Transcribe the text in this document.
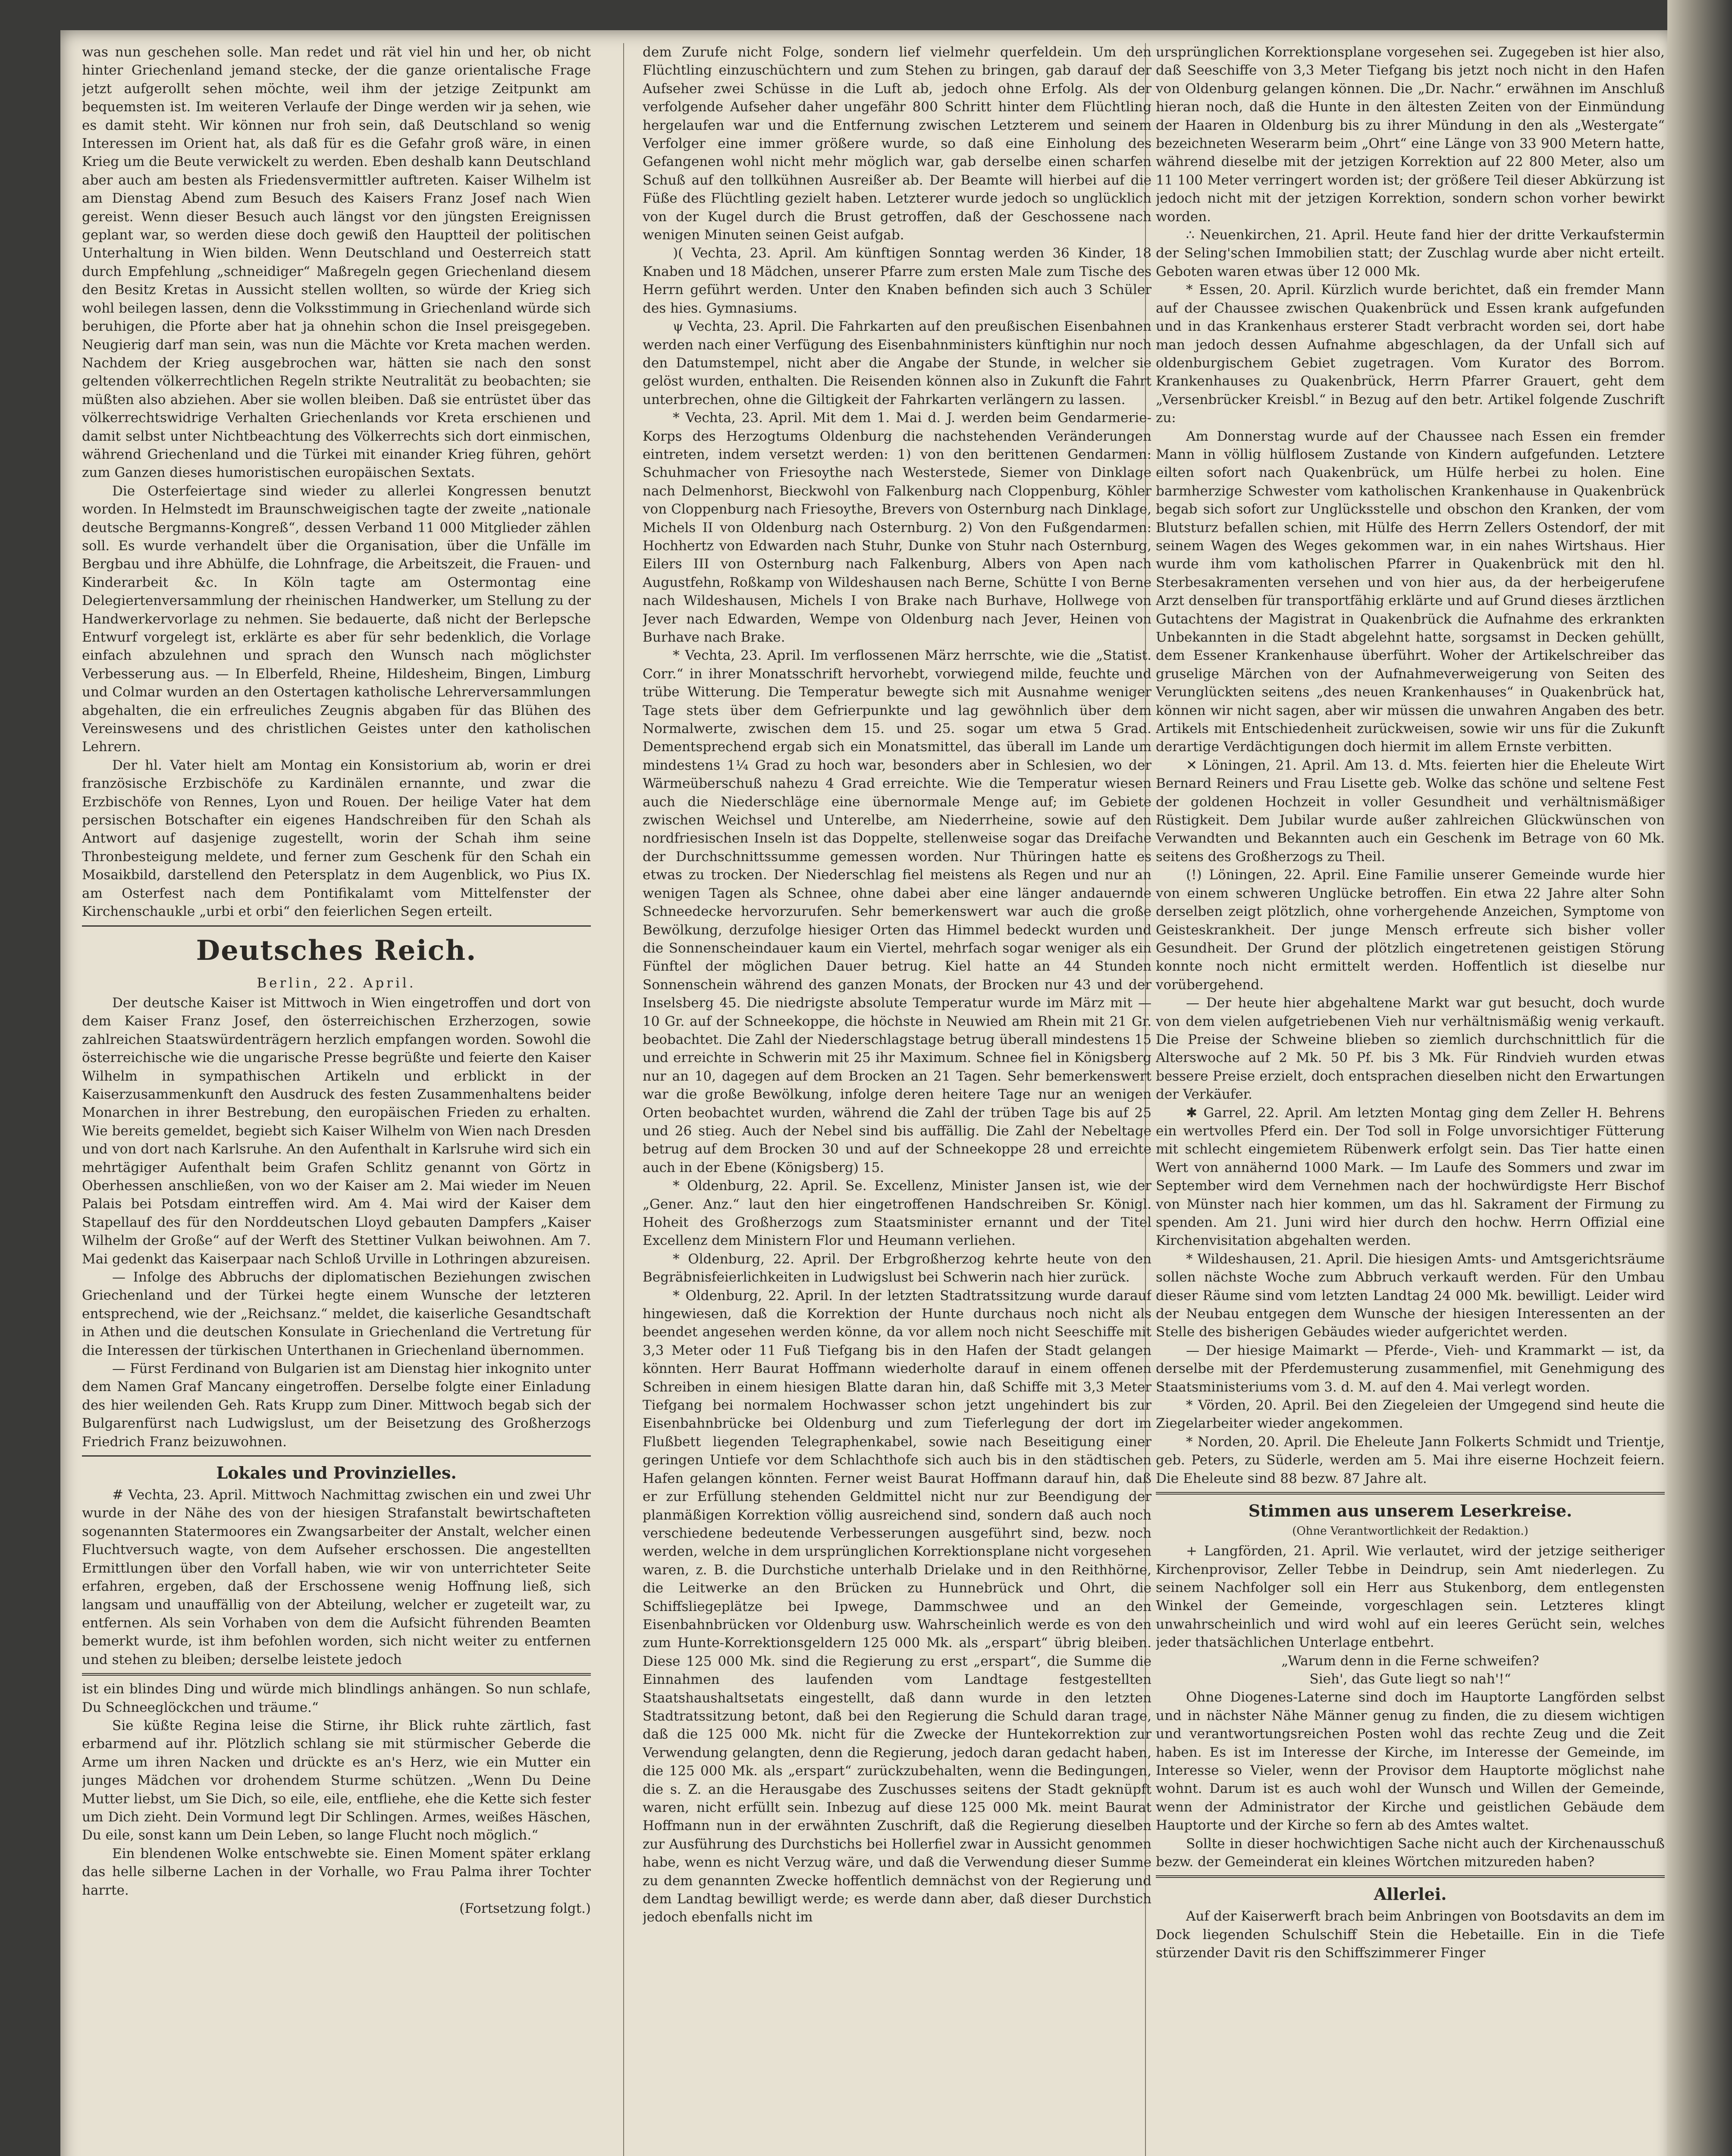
was nun geschehen solle. Man redet und rät viel hin und her, ob nicht hinter Griechenland jemand stecke, der die ganze orientalische Frage jetzt aufgerollt sehen möchte, weil ihm der jetzige Zeitpunkt am bequemsten ist. Im weiteren Verlaufe der Dinge werden wir ja sehen, wie es damit steht. Wir können nur froh sein, daß Deutschland so wenig Interessen im Orient hat, als daß für es die Gefahr groß wäre, in einen Krieg um die Beute verwickelt zu werden. Eben deshalb kann Deutschland aber auch am besten als Friedensvermittler auftreten. Kaiser Wilhelm ist am Dienstag Abend zum Besuch des Kaisers Franz Josef nach Wien gereist. Wenn dieser Besuch auch längst vor den jüngsten Ereignissen geplant war, so werden diese doch gewiß den Hauptteil der politischen Unterhaltung in Wien bilden. Wenn Deutschland und Oesterreich statt durch Empfehlung „schneidiger“ Maßregeln gegen Griechenland diesem den Besitz Kretas in Aussicht stellen wollten, so würde der Krieg sich wohl beilegen lassen, denn die Volksstimmung in Griechenland würde sich beruhigen, die Pforte aber hat ja ohnehin schon die Insel preisgegeben. Neugierig darf man sein, was nun die Mächte vor Kreta machen werden. Nachdem der Krieg ausgebrochen war, hätten sie nach den sonst geltenden völkerrechtlichen Regeln strikte Neutralität zu beobachten; sie müßten also abziehen. Aber sie wollen bleiben. Daß sie entrüstet über das völkerrechtswidrige Verhalten Griechenlands vor Kreta erschienen und damit selbst unter Nichtbeachtung des Völkerrechts sich dort einmischen, während Griechenland und die Türkei mit einander Krieg führen, gehört zum Ganzen dieses humoristischen europäischen Sextats.

Die Osterfeiertage sind wieder zu allerlei Kongressen benutzt worden. In Helmstedt im Braunschweigischen tagte der zweite „nationale deutsche Bergmanns-Kongreß“, dessen Verband 11 000 Mitglieder zählen soll. Es wurde verhandelt über die Organisation, über die Unfälle im Bergbau und ihre Abhülfe, die Lohnfrage, die Arbeitszeit, die Frauen- und Kinderarbeit &c. In Köln tagte am Ostermontag eine Delegiertenversammlung der rheinischen Handwerker, um Stellung zu der Handwerkervorlage zu nehmen. Sie bedauerte, daß nicht der Berlepsche Entwurf vorgelegt ist, erklärte es aber für sehr bedenklich, die Vorlage einfach abzulehnen und sprach den Wunsch nach möglichster Verbesserung aus. — In Elberfeld, Rheine, Hildesheim, Bingen, Limburg und Colmar wurden an den Ostertagen katholische Lehrerversammlungen abgehalten, die ein erfreuliches Zeugnis abgaben für das Blühen des Vereinswesens und des christlichen Geistes unter den katholischen Lehrern.

Der hl. Vater hielt am Montag ein Konsistorium ab, worin er drei französische Erzbischöfe zu Kardinälen ernannte, und zwar die Erzbischöfe von Rennes, Lyon und Rouen. Der heilige Vater hat dem persischen Botschafter ein eigenes Handschreiben für den Schah als Antwort auf dasjenige zugestellt, worin der Schah ihm seine Thronbesteigung meldete, und ferner zum Geschenk für den Schah ein Mosaikbild, darstellend den Petersplatz in dem Augenblick, wo Pius IX. am Osterfest nach dem Pontifikalamt vom Mittelfenster der Kirchenschaukle „urbi et orbi“ den feierlichen Segen erteilt.

Deutsches Reich.
Berlin, 22. April.

Der deutsche Kaiser ist Mittwoch in Wien eingetroffen und dort von dem Kaiser Franz Josef, den österreichischen Erzherzogen, sowie zahlreichen Staatswürdenträgern herzlich empfangen worden. Sowohl die österreichische wie die ungarische Presse begrüßte und feierte den Kaiser Wilhelm in sympathischen Artikeln und erblickt in der Kaiserzusammenkunft den Ausdruck des festen Zusammenhaltens beider Monarchen in ihrer Bestrebung, den europäischen Frieden zu erhalten. Wie bereits gemeldet, begiebt sich Kaiser Wilhelm von Wien nach Dresden und von dort nach Karlsruhe. An den Aufenthalt in Karlsruhe wird sich ein mehrtägiger Aufenthalt beim Grafen Schlitz genannt von Görtz in Oberhessen anschließen, von wo der Kaiser am 2. Mai wieder im Neuen Palais bei Potsdam eintreffen wird. Am 4. Mai wird der Kaiser dem Stapellauf des für den Norddeutschen Lloyd gebauten Dampfers „Kaiser Wilhelm der Große“ auf der Werft des Stettiner Vulkan beiwohnen. Am 7. Mai gedenkt das Kaiserpaar nach Schloß Urville in Lothringen abzureisen.

— Infolge des Abbruchs der diplomatischen Beziehungen zwischen Griechenland und der Türkei hegte einem Wunsche der letzteren entsprechend, wie der „Reichsanz.“ meldet, die kaiserliche Gesandtschaft in Athen und die deutschen Konsulate in Griechenland die Vertretung für die Interessen der türkischen Unterthanen in Griechenland übernommen.

— Fürst Ferdinand von Bulgarien ist am Dienstag hier inkognito unter dem Namen Graf Mancany eingetroffen. Derselbe folgte einer Einladung des hier weilenden Geh. Rats Krupp zum Diner. Mittwoch begab sich der Bulgarenfürst nach Ludwigslust, um der Beisetzung des Großherzogs Friedrich Franz beizuwohnen.

Lokales und Provinzielles.

# Vechta, 23. April. Mittwoch Nachmittag zwischen ein und zwei Uhr wurde in der Nähe des von der hiesigen Strafanstalt bewirtschafteten sogenannten Statermoores ein Zwangsarbeiter der Anstalt, welcher einen Fluchtversuch wagte, von dem Aufseher erschossen. Die angestellten Ermittlungen über den Vorfall haben, wie wir von unterrichteter Seite erfahren, ergeben, daß der Erschossene wenig Hoffnung ließ, sich langsam und unauffällig von der Abteilung, welcher er zugeteilt war, zu entfernen. Als sein Vorhaben von dem die Aufsicht führenden Beamten bemerkt wurde, ist ihm befohlen worden, sich nicht weiter zu entfernen und stehen zu bleiben; derselbe leistete jedoch

ist ein blindes Ding und würde mich blindlings anhängen. So nun schlafe, Du Schneeglöckchen und träume.“

Sie küßte Regina leise die Stirne, ihr Blick ruhte zärtlich, fast erbarmend auf ihr. Plötzlich schlang sie mit stürmischer Geberde die Arme um ihren Nacken und drückte es an's Herz, wie ein Mutter ein junges Mädchen vor drohendem Sturme schützen. „Wenn Du Deine Mutter liebst, um Sie Dich, so eile, eile, entfliehe, ehe die Kette sich fester um Dich zieht. Dein Vormund legt Dir Schlingen. Armes, weißes Häschen, Du eile, sonst kann um Dein Leben, so lange Flucht noch möglich.“

Ein blendenen Wolke entschwebte sie. Einen Moment später erklang das helle silberne Lachen in der Vorhalle, wo Frau Palma ihrer Tochter harrte.

(Fortsetzung folgt.)

dem Zurufe nicht Folge, sondern lief vielmehr querfeldein. Um den Flüchtling einzuschüchtern und zum Stehen zu bringen, gab darauf der Aufseher zwei Schüsse in die Luft ab, jedoch ohne Erfolg. Als der verfolgende Aufseher daher ungefähr 800 Schritt hinter dem Flüchtling hergelaufen war und die Entfernung zwischen Letzterem und seinem Verfolger eine immer größere wurde, so daß eine Einholung des Gefangenen wohl nicht mehr möglich war, gab derselbe einen scharfen Schuß auf den tollkühnen Ausreißer ab. Der Beamte will hierbei auf die Füße des Flüchtling gezielt haben. Letzterer wurde jedoch so unglücklich von der Kugel durch die Brust getroffen, daß der Geschossene nach wenigen Minuten seinen Geist aufgab.

)( Vechta, 23. April. Am künftigen Sonntag werden 36 Kinder, 18 Knaben und 18 Mädchen, unserer Pfarre zum ersten Male zum Tische des Herrn geführt werden. Unter den Knaben befinden sich auch 3 Schüler des hies. Gymnasiums.

ψ Vechta, 23. April. Die Fahrkarten auf den preußischen Eisenbahnen werden nach einer Verfügung des Eisenbahnministers künftighin nur noch den Datumstempel, nicht aber die Angabe der Stunde, in welcher sie gelöst wurden, enthalten. Die Reisenden können also in Zukunft die Fahrt unterbrechen, ohne die Giltigkeit der Fahrkarten verlängern zu lassen.

* Vechta, 23. April. Mit dem 1. Mai d. J. werden beim Gendarmerie-Korps des Herzogtums Oldenburg die nachstehenden Veränderungen eintreten, indem versetzt werden: 1) von den berittenen Gendarmen: Schuhmacher von Friesoythe nach Westerstede, Siemer von Dinklage nach Delmenhorst, Bieckwohl von Falkenburg nach Cloppenburg, Köhler von Cloppenburg nach Friesoythe, Brevers von Osternburg nach Dinklage, Michels II von Oldenburg nach Osternburg. 2) Von den Fußgendarmen: Hochhertz von Edwarden nach Stuhr, Dunke von Stuhr nach Osternburg, Eilers III von Osternburg nach Falkenburg, Albers von Apen nach Augustfehn, Roßkamp von Wildeshausen nach Berne, Schütte I von Berne nach Wildeshausen, Michels I von Brake nach Burhave, Hollwege von Jever nach Edwarden, Wempe von Oldenburg nach Jever, Heinen von Burhave nach Brake.

* Vechta, 23. April. Im verflossenen März herrschte, wie die „Statist. Corr.“ in ihrer Monatsschrift hervorhebt, vorwiegend milde, feuchte und trübe Witterung. Die Temperatur bewegte sich mit Ausnahme weniger Tage stets über dem Gefrierpunkte und lag gewöhnlich über dem Normalwerte, zwischen dem 15. und 25. sogar um etwa 5 Grad. Dementsprechend ergab sich ein Monatsmittel, das überall im Lande um mindestens 1¼ Grad zu hoch war, besonders aber in Schlesien, wo der Wärmeüberschuß nahezu 4 Grad erreichte. Wie die Temperatur wiesen auch die Niederschläge eine übernormale Menge auf; im Gebiete zwischen Weichsel und Unterelbe, am Niederrheine, sowie auf den nordfriesischen Inseln ist das Doppelte, stellenweise sogar das Dreifache der Durchschnittssumme gemessen worden. Nur Thüringen hatte es etwas zu trocken. Der Niederschlag fiel meistens als Regen und nur an wenigen Tagen als Schnee, ohne dabei aber eine länger andauernde Schneedecke hervorzurufen. Sehr bemerkenswert war auch die große Bewölkung, derzufolge hiesiger Orten das Himmel bedeckt wurden und die Sonnenscheindauer kaum ein Viertel, mehrfach sogar weniger als ein Fünftel der möglichen Dauer betrug. Kiel hatte an 44 Stunden Sonnenschein während des ganzen Monats, der Brocken nur 43 und der Inselsberg 45. Die niedrigste absolute Temperatur wurde im März mit — 10 Gr. auf der Schneekoppe, die höchste in Neuwied am Rhein mit 21 Gr. beobachtet. Die Zahl der Niederschlagstage betrug überall mindestens 15 und erreichte in Schwerin mit 25 ihr Maximum. Schnee fiel in Königsberg nur an 10, dagegen auf dem Brocken an 21 Tagen. Sehr bemerkenswert war die große Bewölkung, infolge deren heitere Tage nur an wenigen Orten beobachtet wurden, während die Zahl der trüben Tage bis auf 25 und 26 stieg. Auch der Nebel sind bis auffällig. Die Zahl der Nebeltage betrug auf dem Brocken 30 und auf der Schneekoppe 28 und erreichte auch in der Ebene (Königsberg) 15.

* Oldenburg, 22. April. Se. Excellenz, Minister Jansen ist, wie der „Gener. Anz.“ laut den hier eingetroffenen Handschreiben Sr. Königl. Hoheit des Großherzogs zum Staatsminister ernannt und der Titel Excellenz dem Ministern Flor und Heumann verliehen.

* Oldenburg, 22. April. Der Erbgroßherzog kehrte heute von den Begräbnisfeierlichkeiten in Ludwigslust bei Schwerin nach hier zurück.

* Oldenburg, 22. April. In der letzten Stadtratssitzung wurde darauf hingewiesen, daß die Korrektion der Hunte durchaus noch nicht als beendet angesehen werden könne, da vor allem noch nicht Seeschiffe mit 3,3 Meter oder 11 Fuß Tiefgang bis in den Hafen der Stadt gelangen könnten. Herr Baurat Hoffmann wiederholte darauf in einem offenen Schreiben in einem hiesigen Blatte daran hin, daß Schiffe mit 3,3 Meter Tiefgang bei normalem Hochwasser schon jetzt ungehindert bis zur Eisenbahnbrücke bei Oldenburg und zum Tieferlegung der dort im Flußbett liegenden Telegraphenkabel, sowie nach Beseitigung einer geringen Untiefe vor dem Schlachthofe sich auch bis in den städtischen Hafen gelangen könnten. Ferner weist Baurat Hoffmann darauf hin, daß er zur Erfüllung stehenden Geldmittel nicht nur zur Beendigung der planmäßigen Korrektion völlig ausreichend sind, sondern daß auch noch verschiedene bedeutende Verbesserungen ausgeführt sind, bezw. noch werden, welche in dem ursprünglichen Korrektionsplane nicht vorgesehen waren, z. B. die Durchstiche unterhalb Drielake und in den Reithhörne, die Leitwerke an den Brücken zu Hunnebrück und Ohrt, die Schiffsliegeplätze bei Ipwege, Dammschwee und an den Eisenbahnbrücken vor Oldenburg usw. Wahrscheinlich werde es von den zum Hunte-Korrektionsgeldern 125 000 Mk. als „erspart“ übrig bleiben. Diese 125 000 Mk. sind die Regierung zu erst „erspart“, die Summe die Einnahmen des laufenden vom Landtage festgestellten Staatshaushaltsetats eingestellt, daß dann wurde in den letzten Stadtratssitzung betont, daß bei den Regierung die Schuld daran trage, daß die 125 000 Mk. nicht für die Zwecke der Huntekorrektion zur Verwendung gelangten, denn die Regierung, jedoch daran gedacht haben, die 125 000 Mk. als „erspart“ zurückzubehalten, wenn die Bedingungen, die s. Z. an die Herausgabe des Zuschusses seitens der Stadt geknüpft waren, nicht erfüllt sein. Inbezug auf diese 125 000 Mk. meint Baurat Hoffmann nun in der erwähnten Zuschrift, daß die Regierung dieselben zur Ausführung des Durchstichs bei Hollerfiel zwar in Aussicht genommen habe, wenn es nicht Verzug wäre, und daß die Verwendung dieser Summe zu dem genannten Zwecke hoffentlich demnächst von der Regierung und dem Landtag bewilligt werde; es werde dann aber, daß dieser Durchstich jedoch ebenfalls nicht im

ursprünglichen Korrektionsplane vorgesehen sei. Zugegeben ist hier also, daß Seeschiffe von 3,3 Meter Tiefgang bis jetzt noch nicht in den Hafen von Oldenburg gelangen können. Die „Dr. Nachr.“ erwähnen im Anschluß hieran noch, daß die Hunte in den ältesten Zeiten von der Einmündung der Haaren in Oldenburg bis zu ihrer Mündung in den als „Westergate“ bezeichneten Weserarm beim „Ohrt“ eine Länge von 33 900 Metern hatte, während dieselbe mit der jetzigen Korrektion auf 22 800 Meter, also um 11 100 Meter verringert worden ist; der größere Teil dieser Abkürzung ist jedoch nicht mit der jetzigen Korrektion, sondern schon vorher bewirkt worden.

∴ Neuenkirchen, 21. April. Heute fand hier der dritte Verkaufstermin der Seling'schen Immobilien statt; der Zuschlag wurde aber nicht erteilt. Geboten waren etwas über 12 000 Mk.

* Essen, 20. April. Kürzlich wurde berichtet, daß ein fremder Mann auf der Chaussee zwischen Quakenbrück und Essen krank aufgefunden und in das Krankenhaus ersterer Stadt verbracht worden sei, dort habe man jedoch dessen Aufnahme abgeschlagen, da der Unfall sich auf oldenburgischem Gebiet zugetragen. Vom Kurator des Borrom. Krankenhauses zu Quakenbrück, Herrn Pfarrer Grauert, geht dem „Versenbrücker Kreisbl.“ in Bezug auf den betr. Artikel folgende Zuschrift zu:

Am Donnerstag wurde auf der Chaussee nach Essen ein fremder Mann in völlig hülflosem Zustande von Kindern aufgefunden. Letztere eilten sofort nach Quakenbrück, um Hülfe herbei zu holen. Eine barmherzige Schwester vom katholischen Krankenhause in Quakenbrück begab sich sofort zur Unglücksstelle und obschon den Kranken, der vom Blutsturz befallen schien, mit Hülfe des Herrn Zellers Ostendorf, der mit seinem Wagen des Weges gekommen war, in ein nahes Wirtshaus. Hier wurde ihm vom katholischen Pfarrer in Quakenbrück mit den hl. Sterbesakramenten versehen und von hier aus, da der herbeigerufene Arzt denselben für transportfähig erklärte und auf Grund dieses ärztlichen Gutachtens der Magistrat in Quakenbrück die Aufnahme des erkrankten Unbekannten in die Stadt abgelehnt hatte, sorgsamst in Decken gehüllt, dem Essener Krankenhause überführt. Woher der Artikelschreiber das gruselige Märchen von der Aufnahmeverweigerung von Seiten des Verunglückten seitens „des neuen Krankenhauses“ in Quakenbrück hat, können wir nicht sagen, aber wir müssen die unwahren Angaben des betr. Artikels mit Entschiedenheit zurückweisen, sowie wir uns für die Zukunft derartige Verdächtigungen doch hiermit im allem Ernste verbitten.

✕ Löningen, 21. April. Am 13. d. Mts. feierten hier die Eheleute Wirt Bernard Reiners und Frau Lisette geb. Wolke das schöne und seltene Fest der goldenen Hochzeit in voller Gesundheit und verhältnismäßiger Rüstigkeit. Dem Jubilar wurde außer zahlreichen Glückwünschen von Verwandten und Bekannten auch ein Geschenk im Betrage von 60 Mk. seitens des Großherzogs zu Theil.

(!) Löningen, 22. April. Eine Familie unserer Gemeinde wurde hier von einem schweren Unglücke betroffen. Ein etwa 22 Jahre alter Sohn derselben zeigt plötzlich, ohne vorhergehende Anzeichen, Symptome von Geisteskrankheit. Der junge Mensch erfreute sich bisher voller Gesundheit. Der Grund der plötzlich eingetretenen geistigen Störung konnte noch nicht ermittelt werden. Hoffentlich ist dieselbe nur vorübergehend.

— Der heute hier abgehaltene Markt war gut besucht, doch wurde von dem vielen aufgetriebenen Vieh nur verhältnismäßig wenig verkauft. Die Preise der Schweine blieben so ziemlich durchschnittlich für die Alterswoche auf 2 Mk. 50 Pf. bis 3 Mk. Für Rindvieh wurden etwas bessere Preise erzielt, doch entsprachen dieselben nicht den Erwartungen der Verkäufer.

✱ Garrel, 22. April. Am letzten Montag ging dem Zeller H. Behrens ein wertvolles Pferd ein. Der Tod soll in Folge unvorsichtiger Fütterung mit schlecht eingemietem Rübenwerk erfolgt sein. Das Tier hatte einen Wert von annähernd 1000 Mark. — Im Laufe des Sommers und zwar im September wird dem Vernehmen nach der hochwürdigste Herr Bischof von Münster nach hier kommen, um das hl. Sakrament der Firmung zu spenden. Am 21. Juni wird hier durch den hochw. Herrn Offizial eine Kirchenvisitation abgehalten werden.

* Wildeshausen, 21. April. Die hiesigen Amts- und Amtsgerichtsräume sollen nächste Woche zum Abbruch verkauft werden. Für den Umbau dieser Räume sind vom letzten Landtag 24 000 Mk. bewilligt. Leider wird der Neubau entgegen dem Wunsche der hiesigen Interessenten an der Stelle des bisherigen Gebäudes wieder aufgerichtet werden.

— Der hiesige Maimarkt — Pferde-, Vieh- und Krammarkt — ist, da derselbe mit der Pferdemusterung zusammenfiel, mit Genehmigung des Staatsministeriums vom 3. d. M. auf den 4. Mai verlegt worden.

* Vörden, 20. April. Bei den Ziegeleien der Umgegend sind heute die Ziegelarbeiter wieder angekommen.

* Norden, 20. April. Die Eheleute Jann Folkerts Schmidt und Trientje, geb. Peters, zu Süderle, werden am 5. Mai ihre eiserne Hochzeit feiern. Die Eheleute sind 88 bezw. 87 Jahre alt.

Stimmen aus unserem Leserkreise.
(Ohne Verantwortlichkeit der Redaktion.)

+ Langförden, 21. April. Wie verlautet, wird der jetzige seitheriger Kirchenprovisor, Zeller Tebbe in Deindrup, sein Amt niederlegen. Zu seinem Nachfolger soll ein Herr aus Stukenborg, dem entlegensten Winkel der Gemeinde, vorgeschlagen sein. Letzteres klingt unwahrscheinlich und wird wohl auf ein leeres Gerücht sein, welches jeder thatsächlichen Unterlage entbehrt.

„Warum denn in die Ferne schweifen?

Sieh', das Gute liegt so nah'!“

Ohne Diogenes-Laterne sind doch im Hauptorte Langförden selbst und in nächster Nähe Männer genug zu finden, die zu diesem wichtigen und verantwortungsreichen Posten wohl das rechte Zeug und die Zeit haben. Es ist im Interesse der Kirche, im Interesse der Gemeinde, im Interesse so Vieler, wenn der Provisor dem Hauptorte möglichst nahe wohnt. Darum ist es auch wohl der Wunsch und Willen der Gemeinde, wenn der Administrator der Kirche und geistlichen Gebäude dem Hauptorte und der Kirche so fern ab des Amtes waltet.

Sollte in dieser hochwichtigen Sache nicht auch der Kirchenausschuß bezw. der Gemeinderat ein kleines Wörtchen mitzureden haben?

Allerlei.

Auf der Kaiserwerft brach beim Anbringen von Bootsdavits an dem im Dock liegenden Schulschiff Stein die Hebetaille. Ein in die Tiefe stürzender Davit ris den Schiffszimmerer Finger
